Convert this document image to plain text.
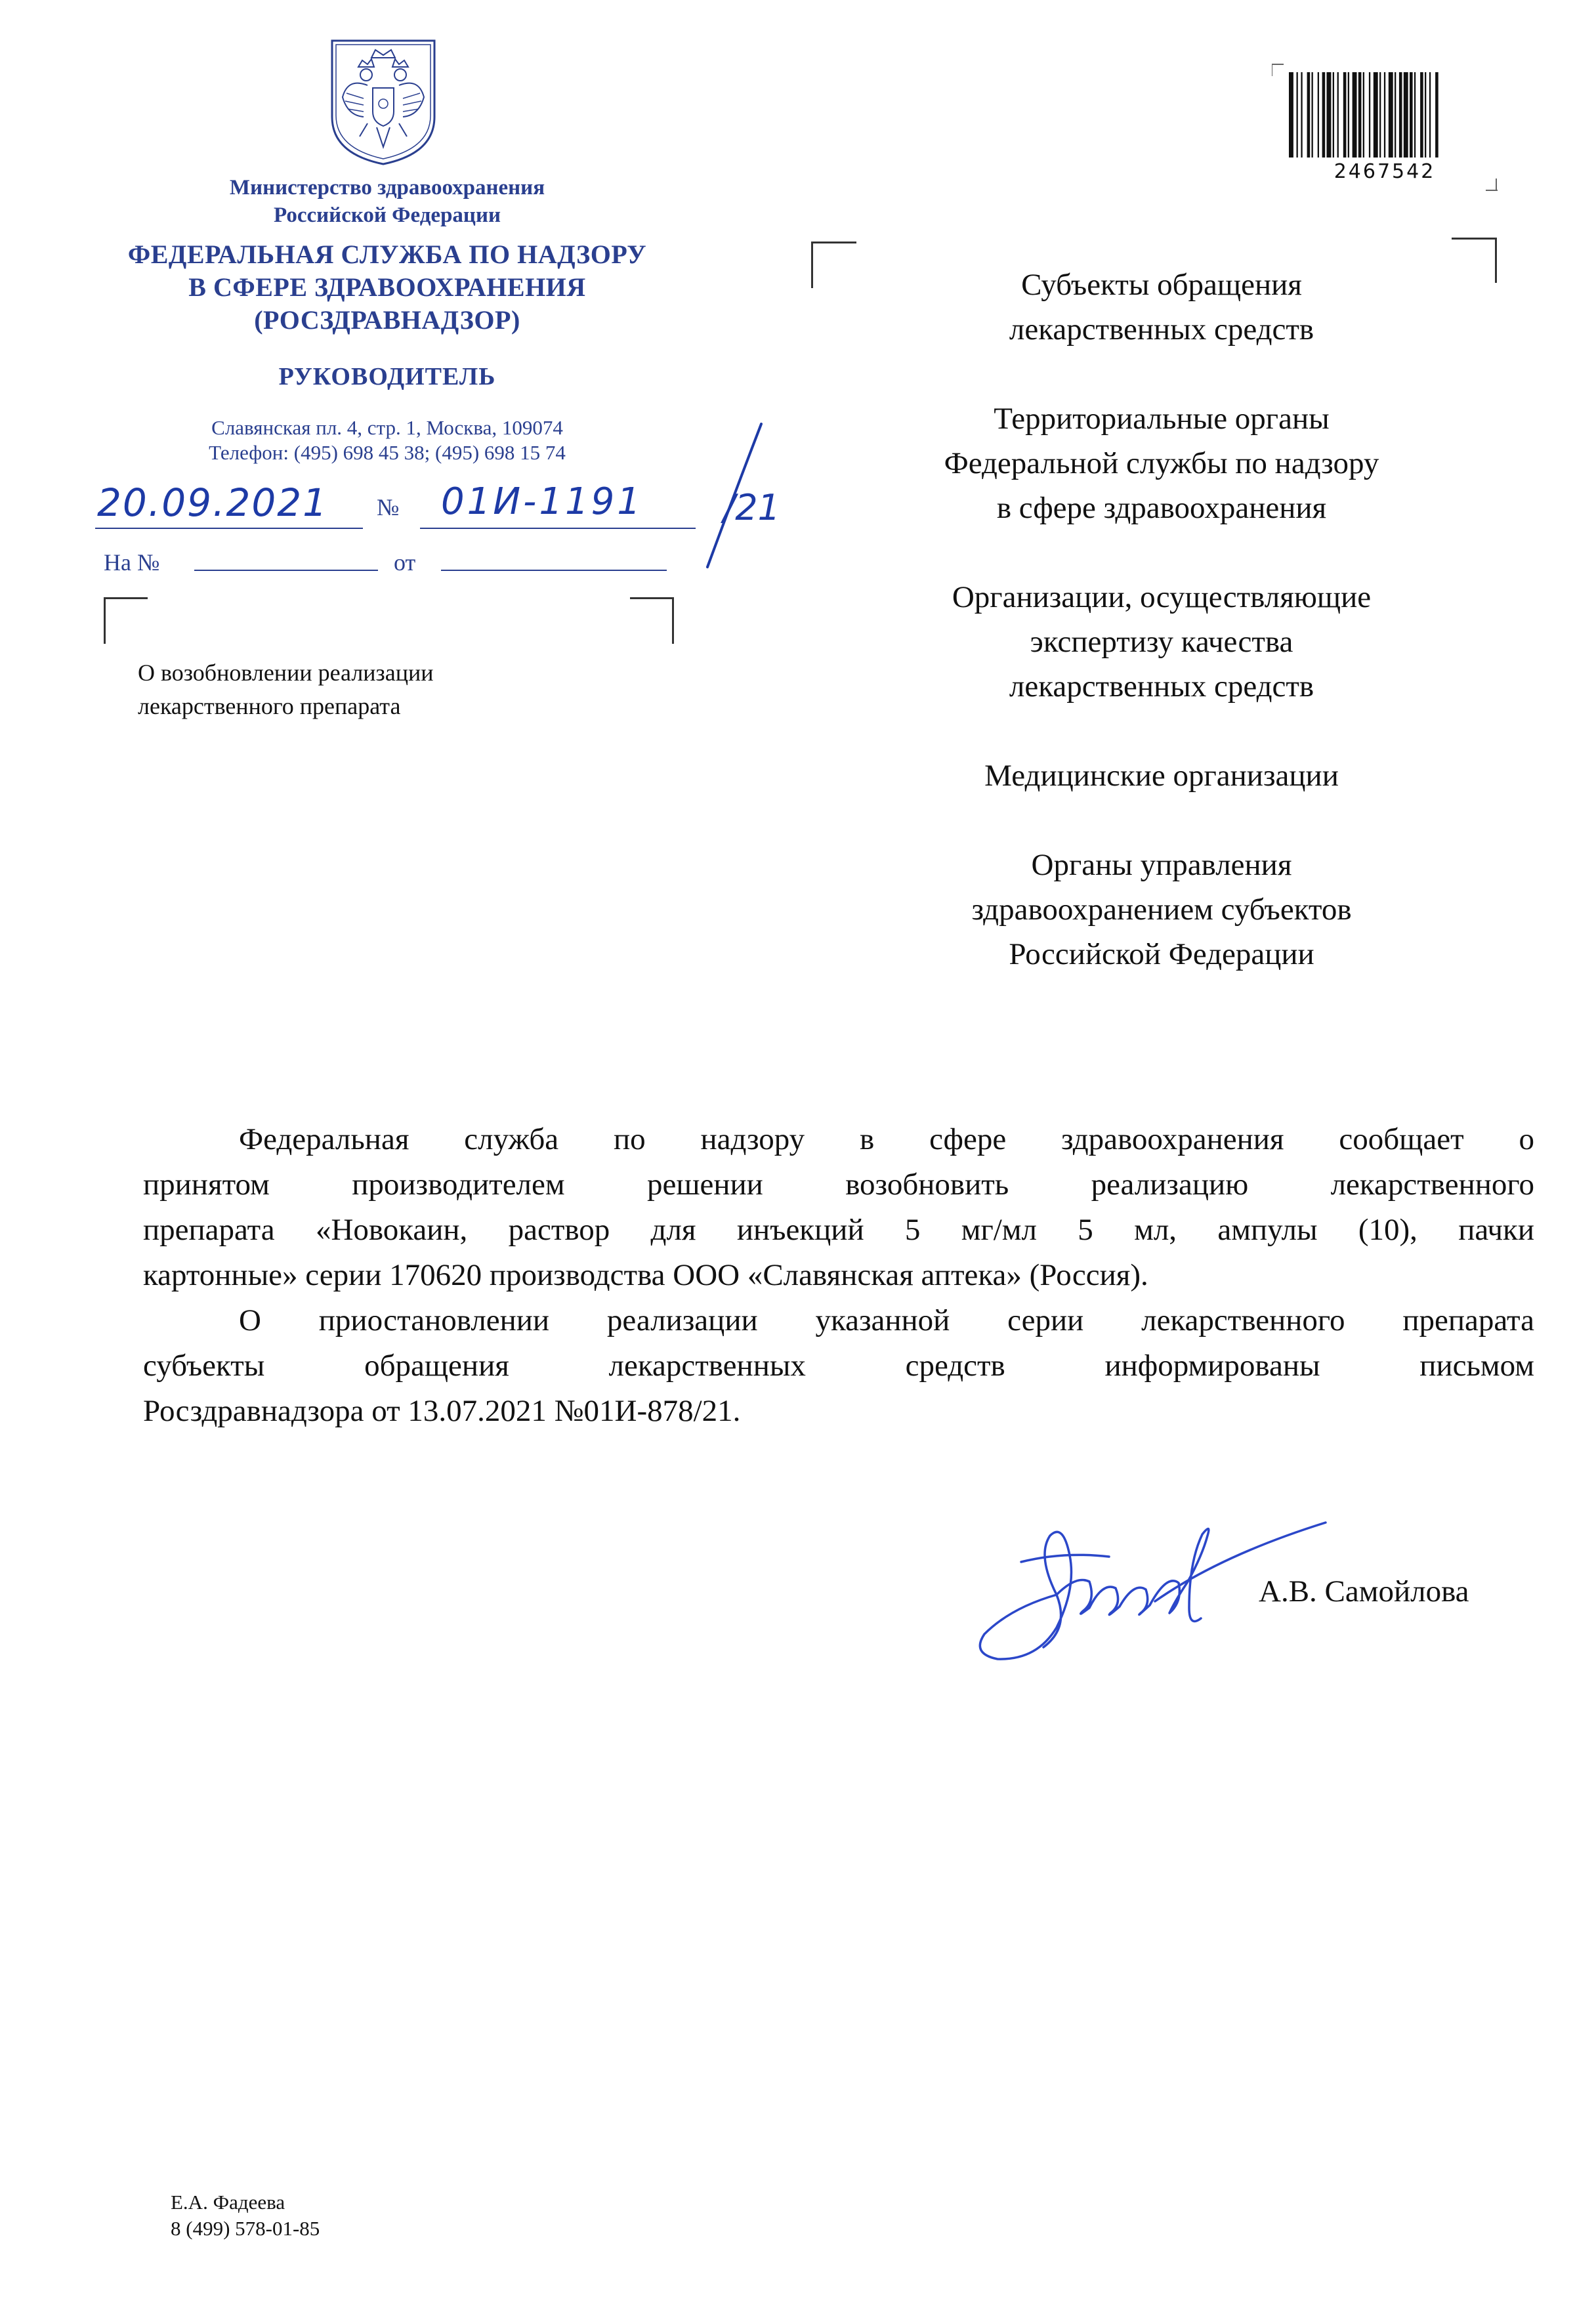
Министерство здравоохранения
Российской Федерации
ФЕДЕРАЛЬНАЯ СЛУЖБА ПО НАДЗОРУ
В СФЕРЕ ЗДРАВООХРАНЕНИЯ
(РОСЗДРАВНАДЗОР)
РУКОВОДИТЕЛЬ
Славянская пл. 4, стр. 1, Москва, 109074
Телефон: (495) 698 45 38; (495) 698 15 74
20.09.2021 № 01И-1191 /21
На №	от
О возобновлении реализации
лекарственного препарата
2467542
Субъекты обращения
лекарственных средств
Территориальные органы
Федеральной службы по надзору
в сфере здравоохранения
Организации, осуществляющие
экспертизу качества
лекарственных средств
Медицинские организации
Органы управления
здравоохранением субъектов
Российской Федерации
Федеральная служба по надзору в сфере здравоохранения сообщает о
принятом производителем решении возобновить реализацию лекарственного
препарата «Новокаин, раствор для инъекций 5 мг/мл 5 мл, ампулы (10), пачки
картонные» серии 170620 производства ООО «Славянская аптека» (Россия).
О приостановлении реализации указанной серии лекарственного препарата
субъекты обращения лекарственных средств информированы письмом
Росздравнадзора от 13.07.2021 №01И-878/21.
А.В. Самойлова
Е.А. Фадеева
8 (499) 578-01-85
